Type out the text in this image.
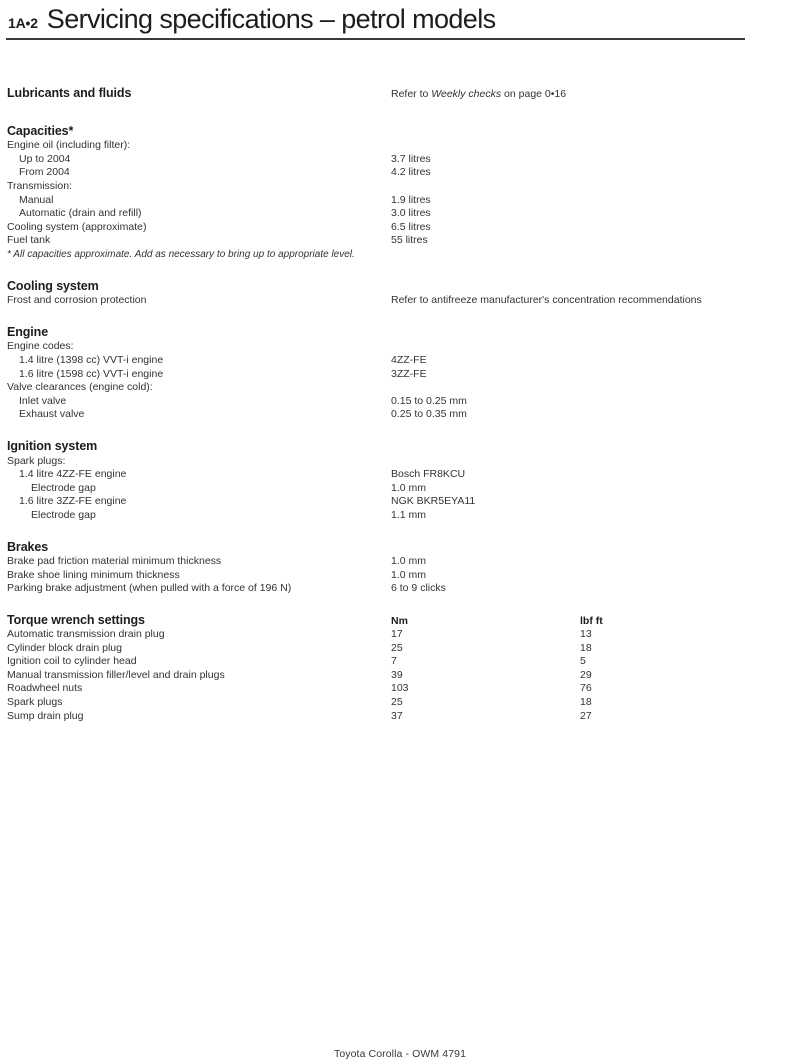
1A•2 Servicing specifications – petrol models
Lubricants and fluids	Refer to Weekly checks on page 0•16
Capacities*
Engine oil (including filter):
Up to 2004	3.7 litres
From 2004	4.2 litres
Transmission:
Manual	1.9 litres
Automatic (drain and refill)	3.0 litres
Cooling system (approximate)	6.5 litres
Fuel tank	55 litres
* All capacities approximate. Add as necessary to bring up to appropriate level.
Cooling system
Frost and corrosion protection	Refer to antifreeze manufacturer's concentration recommendations
Engine
Engine codes:
1.4 litre (1398 cc) VVT-i engine	4ZZ-FE
1.6 litre (1598 cc) VVT-i engine	3ZZ-FE
Valve clearances (engine cold):
Inlet valve	0.15 to 0.25 mm
Exhaust valve	0.25 to 0.35 mm
Ignition system
Spark plugs:
1.4 litre 4ZZ-FE engine	Bosch FR8KCU
Electrode gap	1.0 mm
1.6 litre 3ZZ-FE engine	NGK BKR5EYA11
Electrode gap	1.1 mm
Brakes
Brake pad friction material minimum thickness	1.0 mm
Brake shoe lining minimum thickness	1.0 mm
Parking brake adjustment (when pulled with a force of 196 N)	6 to 9 clicks
Torque wrench settings	Nm	lbf ft
Automatic transmission drain plug	17	13
Cylinder block drain plug	25	18
Ignition coil to cylinder head	7	5
Manual transmission filler/level and drain plugs	39	29
Roadwheel nuts	103	76
Spark plugs	25	18
Sump drain plug	37	27
Toyota Corolla - OWM 4791
